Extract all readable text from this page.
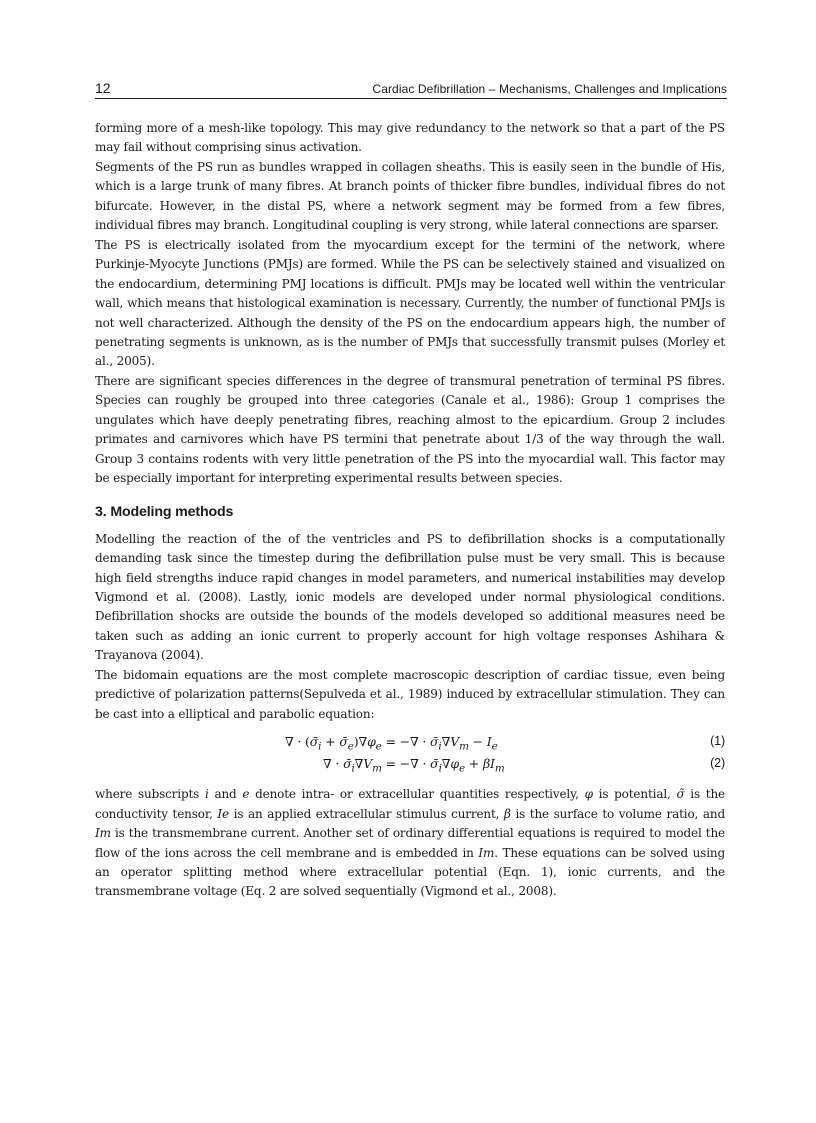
12	Cardiac Defibrillation – Mechanisms, Challenges and Implications

forming more of a mesh-like topology. This may give redundancy to the network so that a part of the PS may fail without comprising sinus activation.

Segments of the PS run as bundles wrapped in collagen sheaths. This is easily seen in the bundle of His, which is a large trunk of many fibres. At branch points of thicker fibre bundles, individual fibres do not bifurcate. However, in the distal PS, where a network segment may be formed from a few fibres, individual fibres may branch. Longitudinal coupling is very strong, while lateral connections are sparser.

The PS is electrically isolated from the myocardium except for the termini of the network, where Purkinje-Myocyte Junctions (PMJs) are formed. While the PS can be selectively stained and visualized on the endocardium, determining PMJ locations is difficult. PMJs may be located well within the ventricular wall, which means that histological examination is necessary. Currently, the number of functional PMJs is not well characterized. Although the density of the PS on the endocardium appears high, the number of penetrating segments is unknown, as is the number of PMJs that successfully transmit pulses (Morley et al., 2005).

There are significant species differences in the degree of transmural penetration of terminal PS fibres. Species can roughly be grouped into three categories (Canale et al., 1986): Group 1 comprises the ungulates which have deeply penetrating fibres, reaching almost to the epicardium. Group 2 includes primates and carnivores which have PS termini that penetrate about 1/3 of the way through the wall. Group 3 contains rodents with very little penetration of the PS into the myocardial wall. This factor may be especially important for interpreting experimental results between species.

3. Modeling methods

Modelling the reaction of the of the ventricles and PS to defibrillation shocks is a computationally demanding task since the timestep during the defibrillation pulse must be very small. This is because high field strengths induce rapid changes in model parameters, and numerical instabilities may develop Vigmond et al. (2008). Lastly, ionic models are developed under normal physiological conditions. Defibrillation shocks are outside the bounds of the models developed so additional measures need be taken such as adding an ionic current to properly account for high voltage responses Ashihara & Trayanova (2004).

The bidomain equations are the most complete macroscopic description of cardiac tissue, even being predictive of polarization patterns(Sepulveda et al., 1989) induced by extracellular stimulation. They can be cast into a elliptical and parabolic equation:

∇ · ($\sigmā_i$ + $\sigmā_e)\nabla\varphi_e$ = −∇ · $\sigmā_i\nabla V_m - I_e$	(1)
∇ · $\sigmā_i\nabla V_m$ = −∇ · $\sigmā_i\nabla\varphi_e + \beta I_m$	(2)

where subscripts i and e denote intra- or extracellular quantities respectively, φ is potential, σ̃ is the conductivity tensor, Ie is an applied extracellular stimulus current, β is the surface to volume ratio, and Im is the transmembrane current. Another set of ordinary differential equations is required to model the flow of the ions across the cell membrane and is embedded in Im. These equations can be solved using an operator splitting method where extracellular potential (Eqn. 1), ionic currents, and the transmembrane voltage (Eq. 2 are solved sequentially (Vigmond et al., 2008).
